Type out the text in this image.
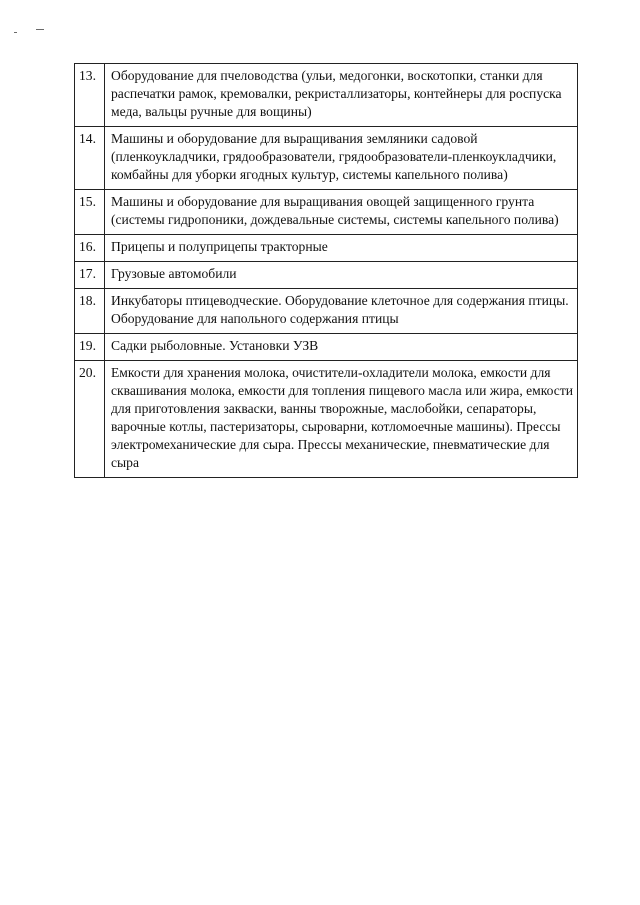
13.	Оборудование для пчеловодства (ульи, медогонки, воскотопки, станки для распечатки рамок, кремовалки, рекристаллизаторы, контейнеры для роспуска меда, вальцы ручные для вощины)
14.	Машины и оборудование для выращивания земляники садовой (пленкоукладчики, грядообразователи, грядообразователи-пленкоукладчики, комбайны для уборки ягодных культур, системы капельного полива)
15.	Машины и оборудование для выращивания овощей защищенного грунта (системы гидропоники, дождевальные системы, системы капельного полива)
16.	Прицепы и полуприцепы тракторные
17.	Грузовые автомобили
18.	Инкубаторы птицеводческие. Оборудование клеточное для содержания птицы. Оборудование для напольного содержания птицы
19.	Садки рыболовные. Установки УЗВ
20.	Емкости для хранения молока, очистители-охладители молока, емкости для сквашивания молока, емкости для топления пищевого масла или жира, емкости для приготовления закваски, ванны творожные, маслобойки, сепараторы, варочные котлы, пастеризаторы, сыроварни, котломоечные машины). Прессы электромеханические для сыра. Прессы механические, пневматические для сыра
